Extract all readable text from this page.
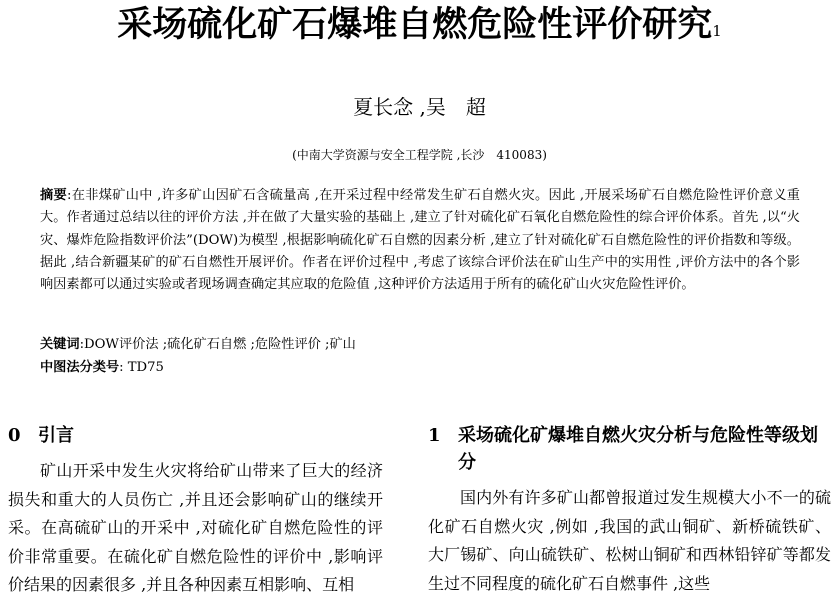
采场硫化矿石爆堆自燃危险性评价研究$^1$
夏长念 ,吴　超
(中南大学资源与安全工程学院 ,长沙　410083)

摘要:在非煤矿山中 ,许多矿山因矿石含硫量高 ,在开采过程中经常发生矿石自燃火灾。因此 ,开展采场矿石自燃危险性评价意义重大。作者通过总结以往的评价方法 ,并在做了大量实验的基础上 ,建立了针对硫化矿石氧化自燃危险性的综合评价体系。首先 ,以“火灾、爆炸危险指数评价法”(DOW)为模型 ,根据影响硫化矿石自燃的因素分析 ,建立了针对硫化矿石自燃危险性的评价指数和等级。据此 ,结合新疆某矿的矿石自燃性开展评价。作者在评价过程中 ,考虑了该综合评价法在矿山生产中的实用性 ,评价方法中的各个影响因素都可以通过实验或者现场调查确定其应取的危险值 ,这种评价方法适用于所有的硫化矿山火灾危险性评价。

关键词:DOW评价法 ;硫化矿石自燃 ;危险性评价 ;矿山
中图法分类号: TD75
0 引言

矿山开采中发生火灾将给矿山带来了巨大的经济损失和重大的人员伤亡 ,并且还会影响矿山的继续开采。在高硫矿山的开采中 ,对硫化矿自燃危险性的评价非常重要。在硫化矿自燃危险性的评价中 ,影响评价结果的因素很多 ,并且各种因素互相影响、互相

1 采场硫化矿爆堆自燃火灾分析与危险性等级划分

国内外有许多矿山都曾报道过发生规模大小不一的硫化矿石自燃火灾 ,例如 ,我国的武山铜矿、新桥硫铁矿、大厂锡矿、向山硫铁矿、松树山铜矿和西林铅锌矿等都发生过不同程度的硫化矿石自燃事件 ,这些
